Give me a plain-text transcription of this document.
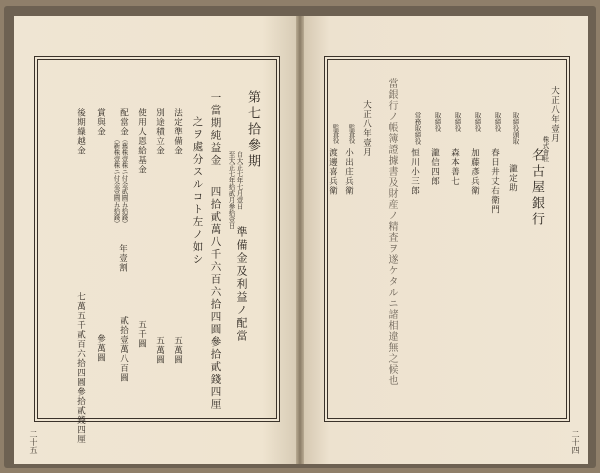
二十五
第七拾參期
自大正七年七月壹日
至大正七年拾貳月參拾壹日
準備金及利益ノ配當
一當期純益金
四拾貳萬八千六百六拾四圓參拾貳錢四厘
之ヲ處分スルコト左ノ如シ
法定準備金
五萬圓
別途積立金
五萬圓
使用人恩給基金
五千圓
配當金
（舊株壹株ニ付金貳圓五拾錢）
（新株壹株ニ付金壹圓五拾錢）
年壹割
貳拾壹萬八百圓
賞與金
參萬圓
後期繰越金
七萬五千貳百六拾四圓參拾貳錢四厘	二十四
大正八年壹月
株式會社
名古屋銀行
取締役頭取
瀧定助
取締役
春日井丈右衛門
取締役
加藤彥兵衛
取締役
森本善七
取締役
瀧信四郎
常務取締役
恒川小三郎
當銀行ノ帳簿證據書及財産ノ精査ヲ遂ケタルニ諸相違無之候也
大正八年壹月
監査役
小出庄兵衛
監査役
渡邊喜兵衛
